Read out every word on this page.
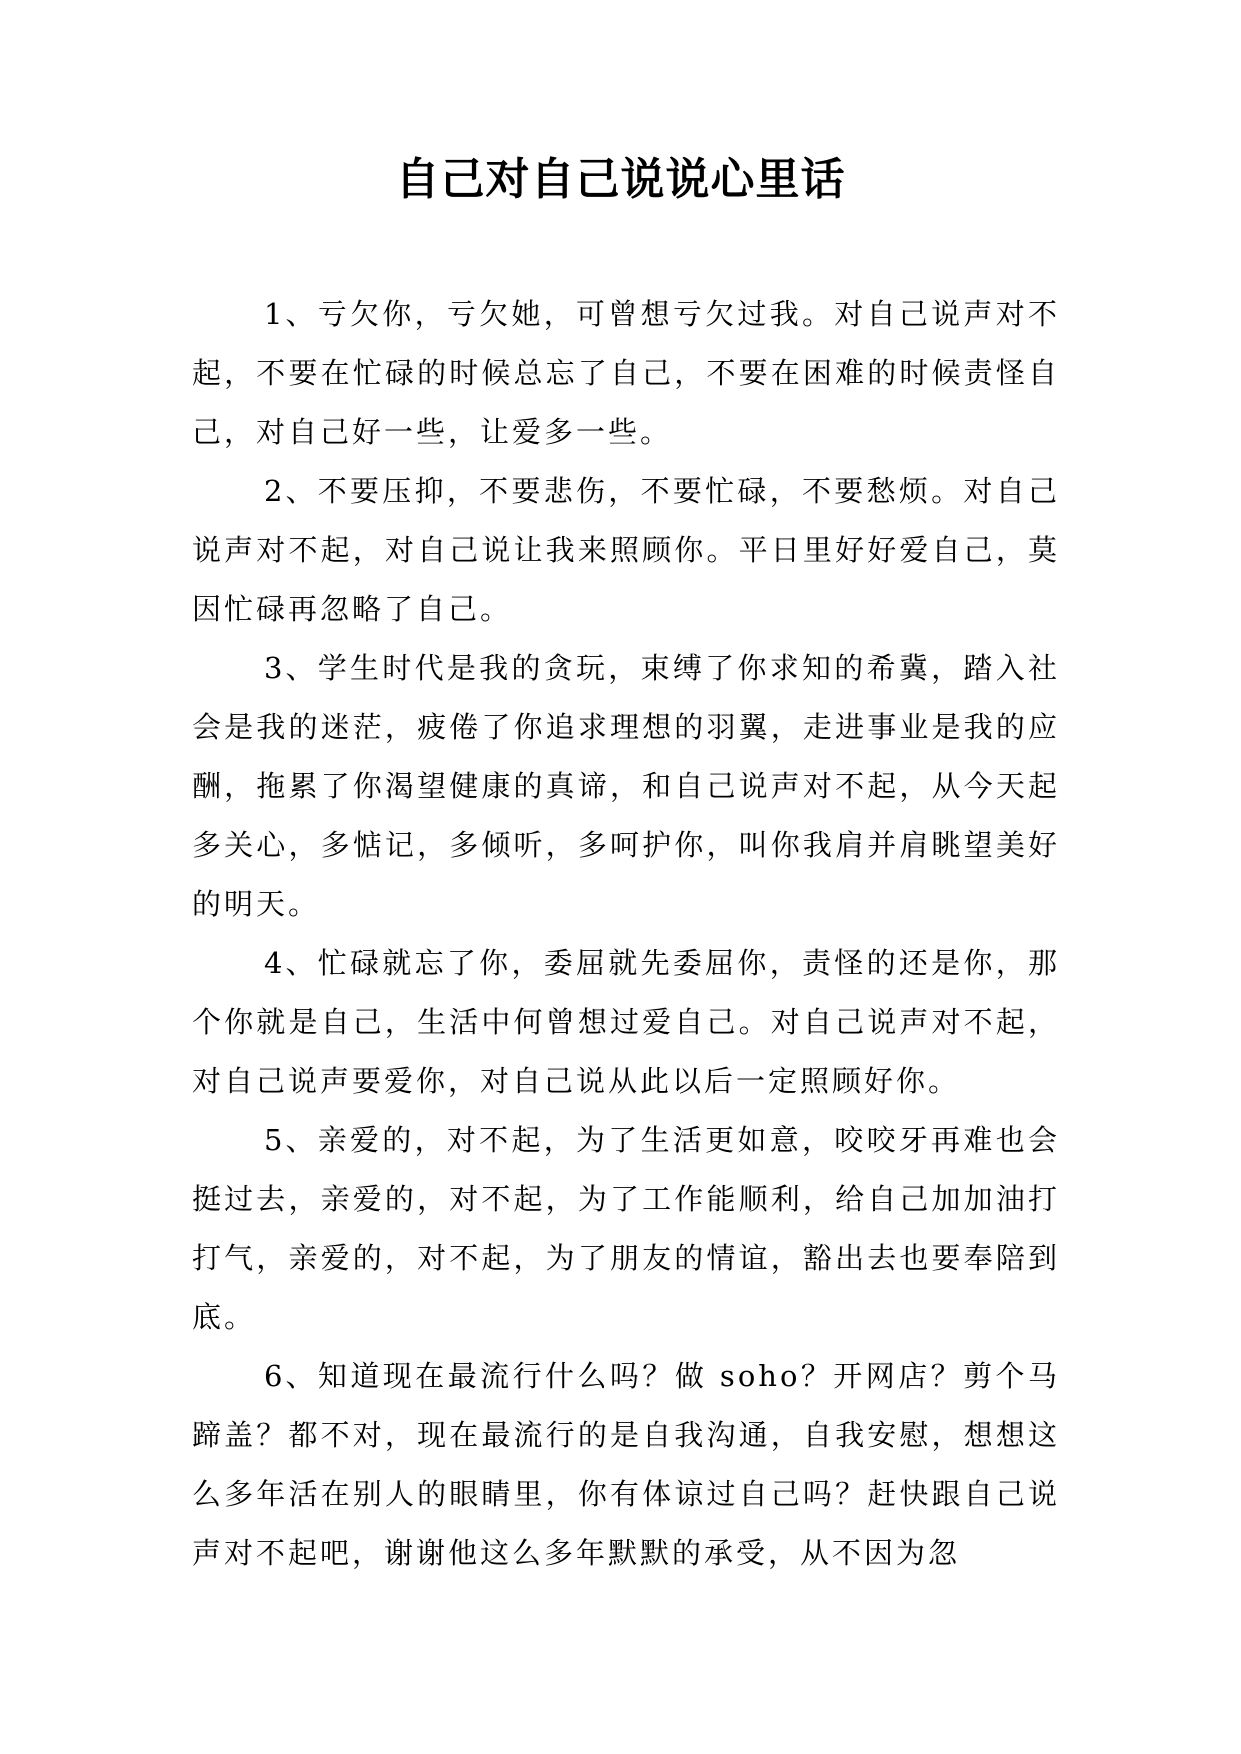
自己对自己说说心里话

1、亏欠你，亏欠她，可曾想亏欠过我。对自己说声对不起，不要在忙碌的时候总忘了自己，不要在困难的时候责怪自己，对自己好一些，让爱多一些。

2、不要压抑，不要悲伤，不要忙碌，不要愁烦。对自己说声对不起，对自己说让我来照顾你。平日里好好爱自己，莫因忙碌再忽略了自己。

3、学生时代是我的贪玩，束缚了你求知的希冀，踏入社会是我的迷茫，疲倦了你追求理想的羽翼，走进事业是我的应酬，拖累了你渴望健康的真谛，和自己说声对不起，从今天起多关心，多惦记，多倾听，多呵护你，叫你我肩并肩眺望美好的明天。

4、忙碌就忘了你，委屈就先委屈你，责怪的还是你，那个你就是自己，生活中何曾想过爱自己。对自己说声对不起，对自己说声要爱你，对自己说从此以后一定照顾好你。

5、亲爱的，对不起，为了生活更如意，咬咬牙再难也会挺过去，亲爱的，对不起，为了工作能顺利，给自己加加油打打气，亲爱的，对不起，为了朋友的情谊，豁出去也要奉陪到底。

6、知道现在最流行什么吗？做 soho？开网店？剪个马蹄盖？都不对，现在最流行的是自我沟通，自我安慰，想想这么多年活在别人的眼睛里，你有体谅过自己吗？赶快跟自己说声对不起吧，谢谢他这么多年默默的承受，从不因为忽
